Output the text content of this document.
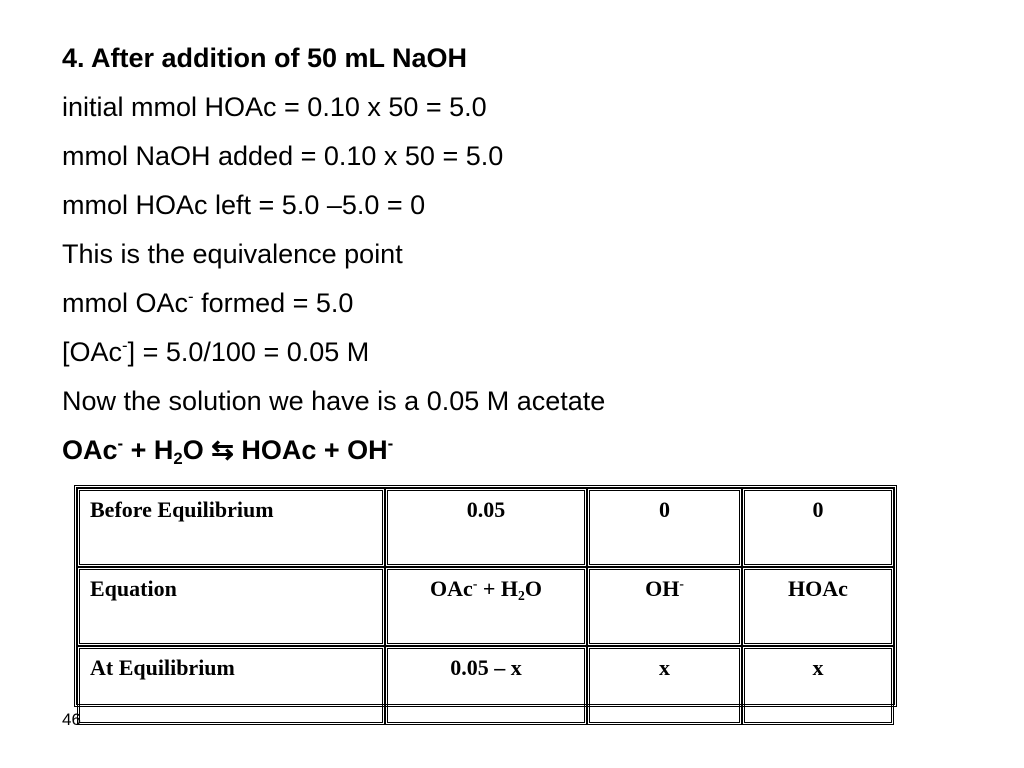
4. After addition of 50 mL NaOH
initial mmol HOAc = 0.10 x 50 = 5.0
mmol NaOH added = 0.10 x 50 = 5.0
mmol HOAc left = 5.0 –5.0 = 0
This is the equivalence point
mmol OAc- formed = 5.0
[OAc-] = 5.0/100 = 0.05 M
Now the solution we have is a 0.05 M acetate
$OAc^- + H_2O$ ⇆ HOAc + OH-
Before Equilibrium	0.05	0	0
Equation	$OAc^- + H_2O$	OH-	HOAc
At Equilibrium	0.05 – x	x	x
46
